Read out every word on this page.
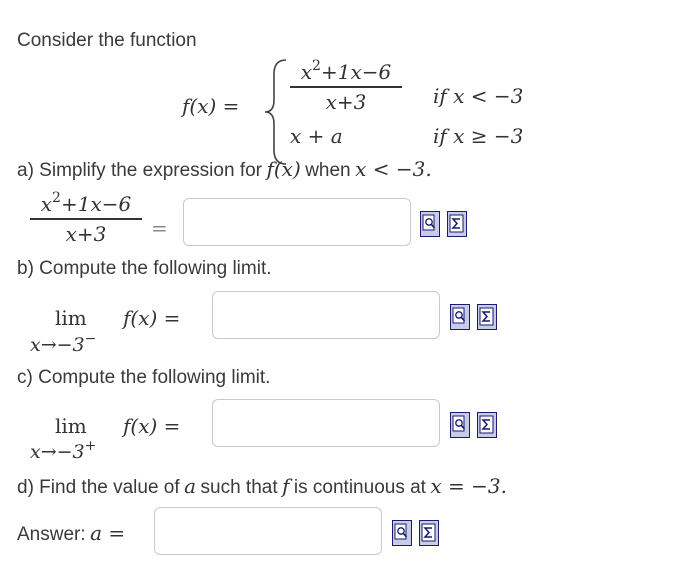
Consider the function
f(x) =	$\frac{x^2+1x-6}{x+3}$ if x < −3
x + a	if x ≥ −3
a) Simplify the expression for f(x) when x < −3.
$\frac{x^2+1x-6}{x+3}$ =
b) Compute the following limit.
lim f(x) =
x→−3−
c) Compute the following limit.
lim f(x) =
x→−3+
d) Find the value of a such that f is continuous at x = −3.
Answer: a =
